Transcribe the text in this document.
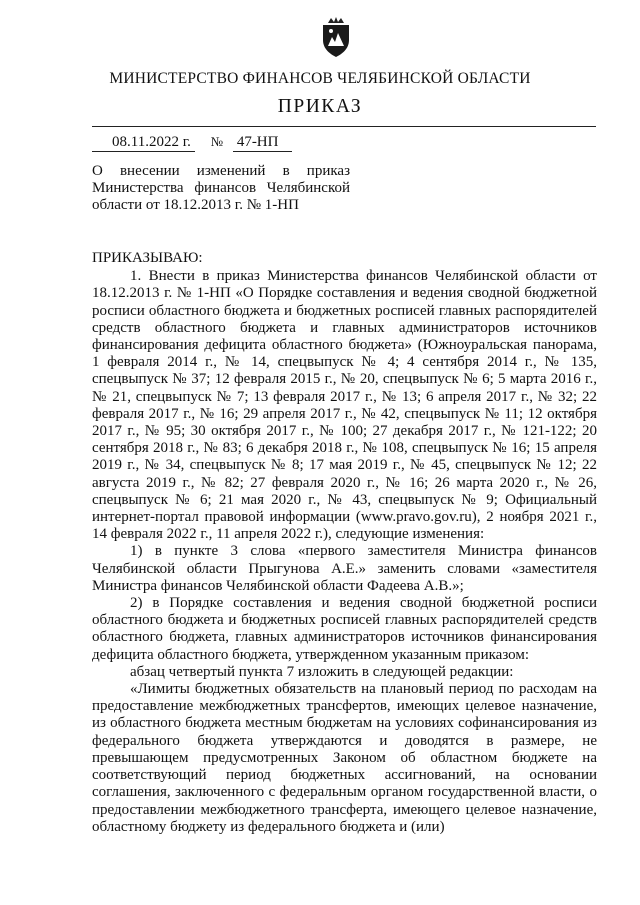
МИНИСТЕРСТВО ФИНАНСОВ ЧЕЛЯБИНСКОЙ ОБЛАСТИ
ПРИКАЗ
08.11.2022 г. № 47-НП
О внесении изменений в приказ Министерства финансов Челябинской области от 18.12.2013 г. № 1-НП

ПРИКАЗЫВАЮ:

1. Внести в приказ Министерства финансов Челябинской области от 18.12.2013 г. № 1-НП «О Порядке составления и ведения сводной бюджетной росписи областного бюджета и бюджетных росписей главных распорядителей средств областного бюджета и главных администраторов источников финансирования дефицита областного бюджета» (Южноуральская панорама, 1 февраля 2014 г., № 14, спецвыпуск № 4; 4 сентября 2014 г., № 135, спецвыпуск № 37; 12 февраля 2015 г., № 20, спецвыпуск № 6; 5 марта 2016 г., № 21, спецвыпуск № 7; 13 февраля 2017 г., № 13; 6 апреля 2017 г., № 32; 22 февраля 2017 г., № 16; 29 апреля 2017 г., № 42, спецвыпуск № 11; 12 октября 2017 г., № 95; 30 октября 2017 г., № 100; 27 декабря 2017 г., № 121-122; 20 сентября 2018 г., № 83; 6 декабря 2018 г., № 108, спецвыпуск № 16; 15 апреля 2019 г., № 34, спецвыпуск № 8; 17 мая 2019 г., № 45, спецвыпуск № 12; 22 августа 2019 г., № 82; 27 февраля 2020 г., № 16; 26 марта 2020 г., № 26, спецвыпуск № 6; 21 мая 2020 г., № 43, спецвыпуск № 9; Официальный интернет-портал правовой информации (www.pravo.gov.ru), 2 ноября 2021 г., 14 февраля 2022 г., 11 апреля 2022 г.), следующие изменения:

1) в пункте 3 слова «первого заместителя Министра финансов Челябинской области Прыгунова А.Е.» заменить словами «заместителя Министра финансов Челябинской области Фадеева А.В.»;

2) в Порядке составления и ведения сводной бюджетной росписи областного бюджета и бюджетных росписей главных распорядителей средств областного бюджета, главных администраторов источников финансирования дефицита областного бюджета, утвержденном указанным приказом:

абзац четвертый пункта 7 изложить в следующей редакции:

«Лимиты бюджетных обязательств на плановый период по расходам на предоставление межбюджетных трансфертов, имеющих целевое назначение, из областного бюджета местным бюджетам на условиях софинансирования из федерального бюджета утверждаются и доводятся в размере, не превышающем предусмотренных Законом об областном бюджете на соответствующий период бюджетных ассигнований, на основании соглашения, заключенного с федеральным органом государственной власти, о предоставлении межбюджетного трансферта, имеющего целевое назначение, областному бюджету из федерального бюджета и (или)
